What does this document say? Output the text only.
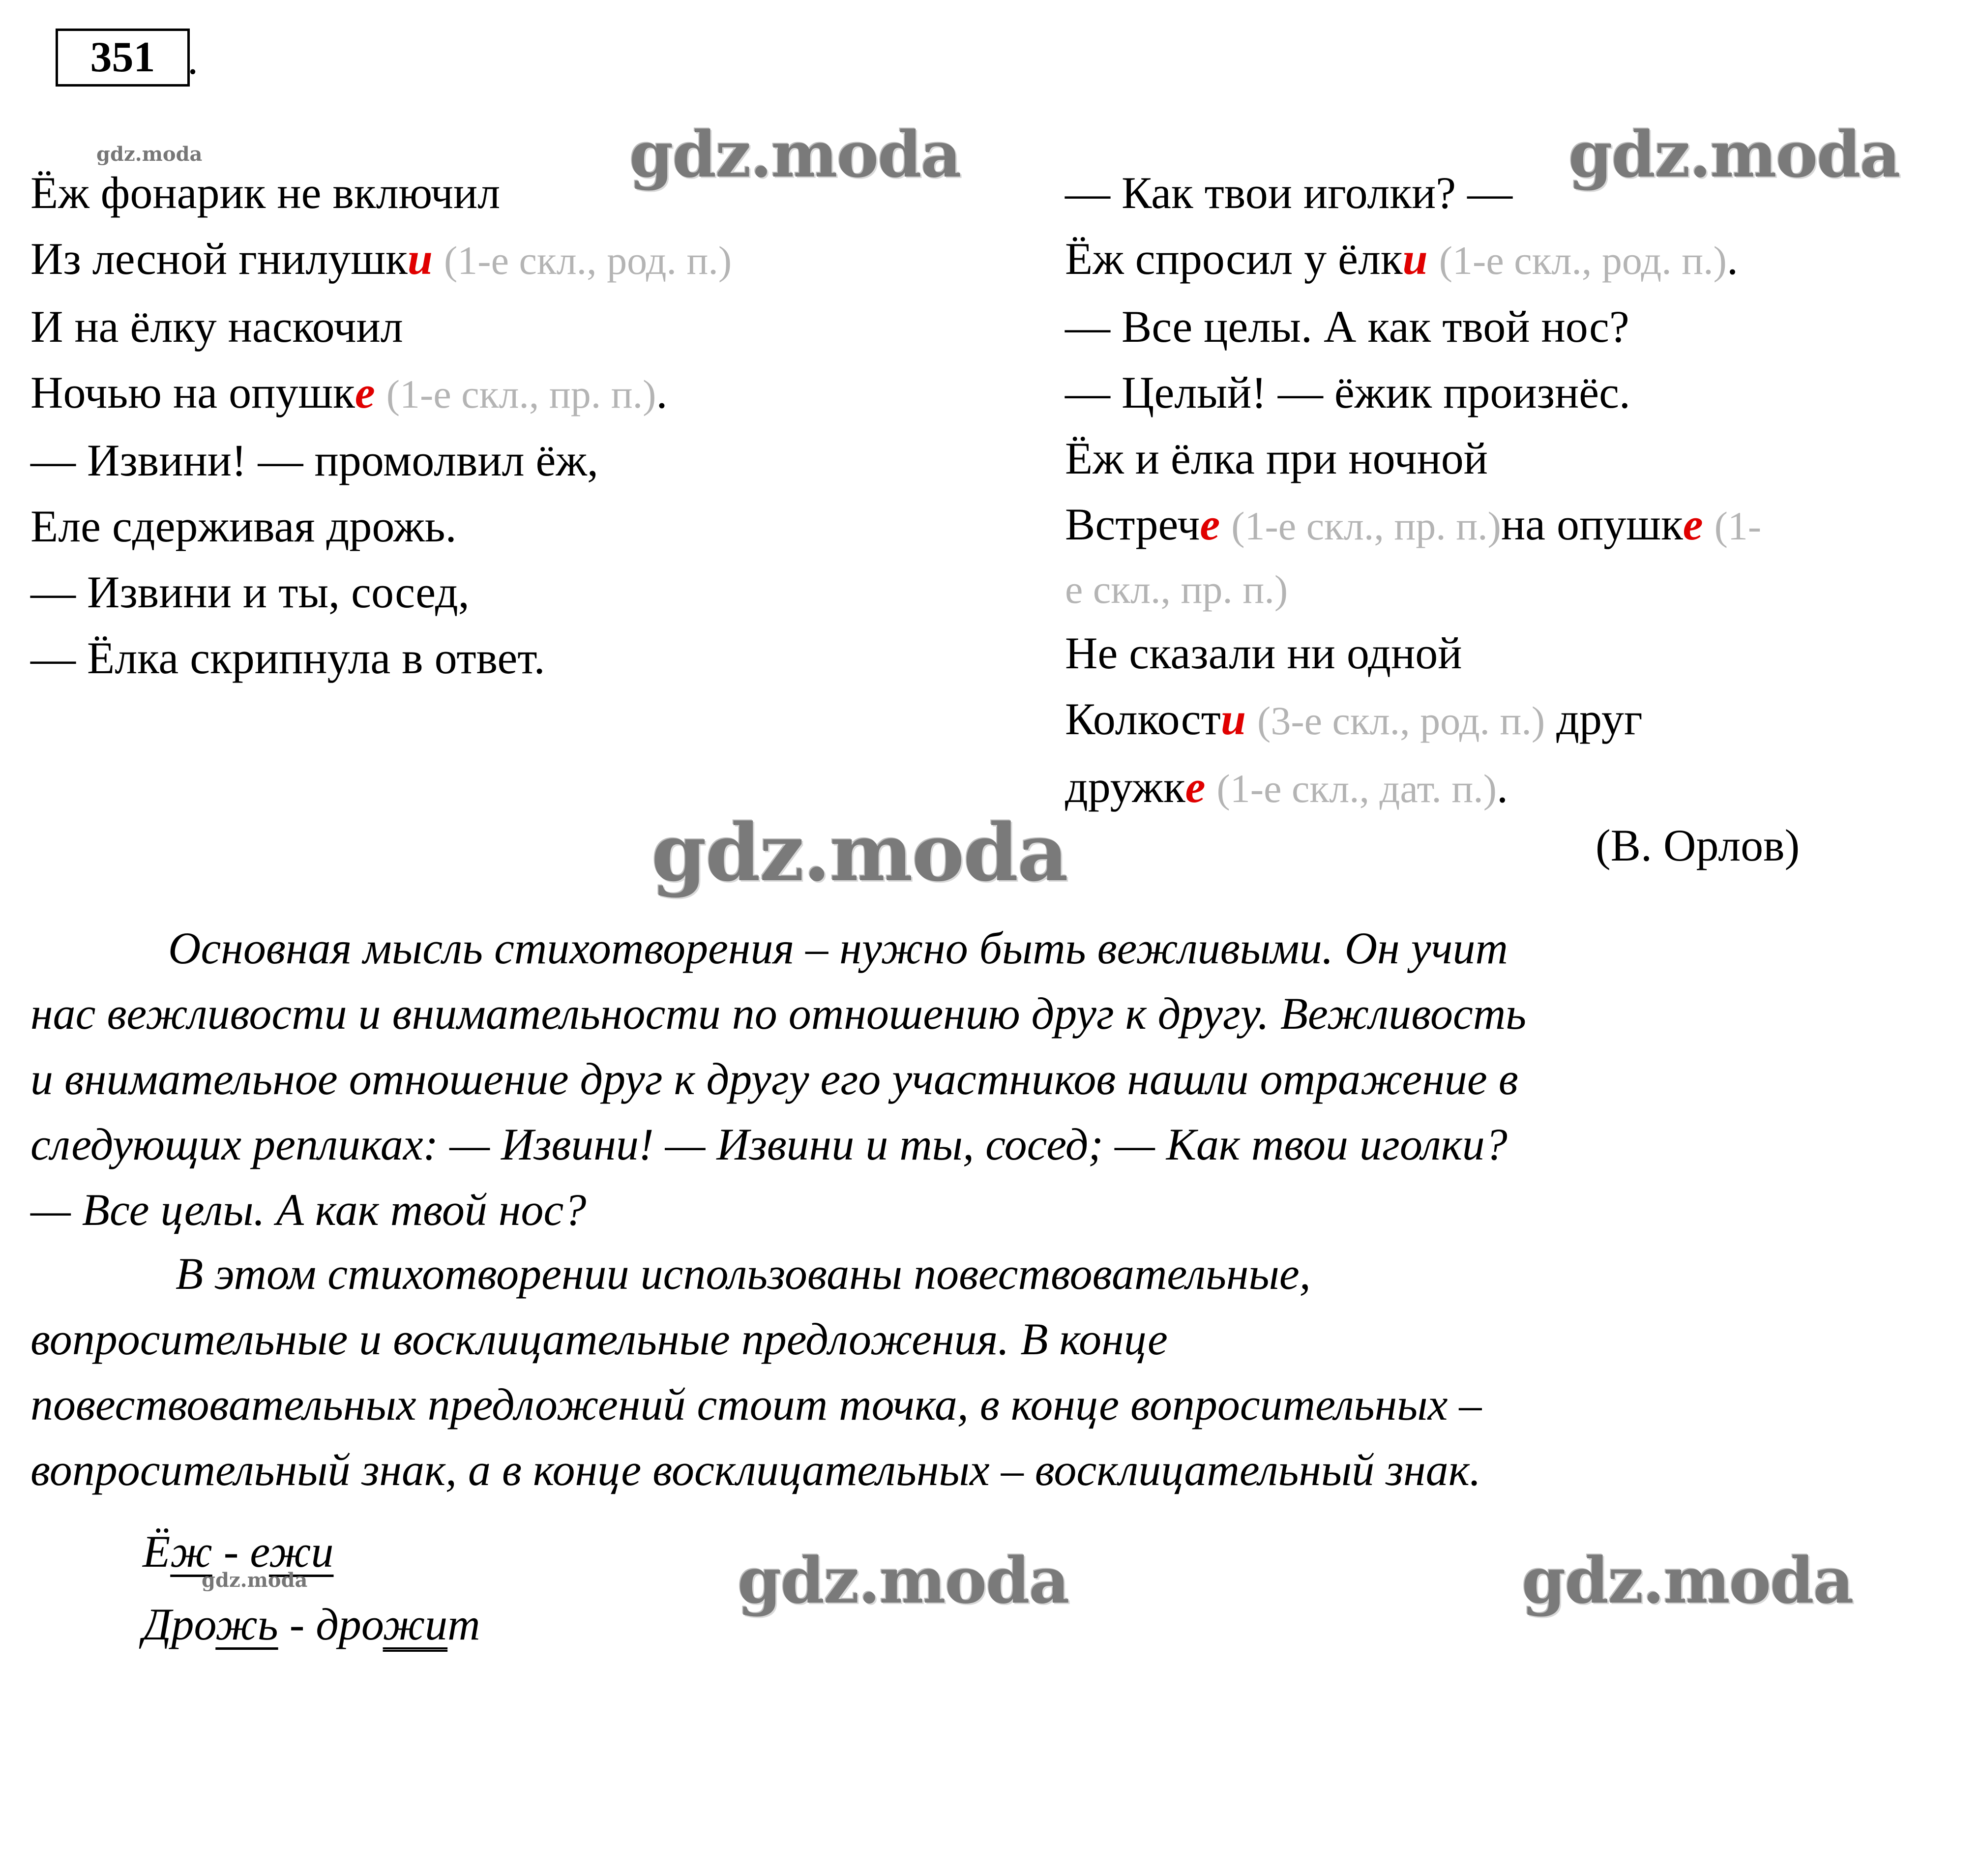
351 .
Ёж фонарик не включил
Из лесной гнилушки (1-е скл., род. п.)
И на ёлку наскочил
Ночью на опушке (1-е скл., пр. п.).
— Извини! — промолвил ёж,
Еле сдерживая дрожь.
— Извини и ты, сосед,
— Ёлка скрипнула в ответ.
— Как твои иголки? —
Ёж спросил у ёлки (1-е скл., род. п.).
— Все целы. А как твой нос?
— Целый! — ёжик произнёс.
Ёж и ёлка при ночной
Встрече (1-е скл., пр. п.)на опушке (1-
е скл., пр. п.)
Не сказали ни одной
Колкости (3-е скл., род. п.) друг
дружке (1-е скл., дат. п.).
(В. Орлов)
Основная мысль стихотворения – нужно быть вежливыми. Он учит
нас вежливости и внимательности по отношению друг к другу. Вежливость
и внимательное отношение друг к другу его участников нашли отражение в
следующих репликах: — Извини! — Извини и ты, сосед; — Как твои иголки?
— Все целы. А как твой нос?
В этом стихотворении использованы повествовательные,
вопросительные и восклицательные предложения. В конце
повествовательных предложений стоит точка, в конце вопросительных –
вопросительный знак, а в конце восклицательных – восклицательный знак.
Ёж - ежи
Дрожь - дрожит
gdz.moda	gdz.moda	gdz.moda
gdz.moda
gdz.moda	gdz.moda	gdz.moda
